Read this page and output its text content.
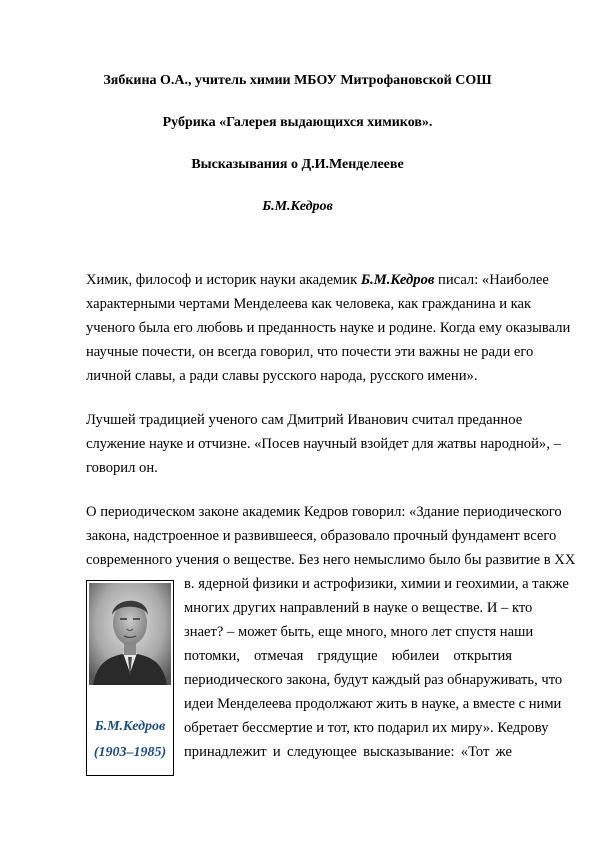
Зябкина О.А., учитель химии МБОУ Митрофановской СОШ
Рубрика «Галерея выдающихся химиков».
Высказывания о Д.И.Менделееве
Б.М.Кедров
Химик, философ и историк науки академик Б.М.Кедров писал: «Наиболее
характерными чертами Менделеева как человека, как гражданина и как
ученого была его любовь и преданность науке и родине. Когда ему оказывали
научные почести, он всегда говорил, что почести эти важны не ради его
личной славы, а ради славы русского народа, русского имени».
Лучшей традицией ученого сам Дмитрий Иванович считал преданное
служение науке и отчизне. «Посев научный взойдет для жатвы народной», –
говорил он.
О периодическом законе академик Кедров говорил: «Здание периодического
закона, надстроенное и развившееся, образовало прочный фундамент всего
современного учения о веществе. Без него немыслимо было бы развитие в XX
в. ядерной физики и астрофизики, химии и геохимии, а также
многих других направлений в науке о веществе. И – кто
знает? – может быть, еще много, много лет спустя наши
потомки, отмечая грядущие юбилеи открытия
периодического закона, будут каждый раз обнаруживать, что
идеи Менделеева продолжают жить в науке, а вместе с ними
обретает бессмертие и тот, кто подарил их миру». Кедрову
принадлежит и следующее высказывание: «Тот же
Б.М.Кедров
(1903–1985)
